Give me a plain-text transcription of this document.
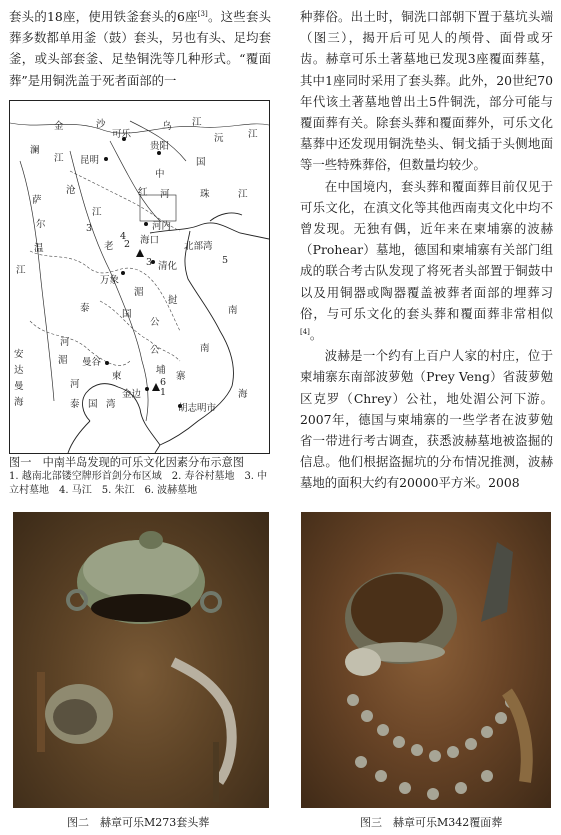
套头的18座，使用铁釜套头的6座[3]。这些套头葬多数都单用釜（鼓）套头，另也有头、足均套釜，或头部套釜、足垫铜洗等几种形式。“覆面葬”是用铜洗盖于死者面部的一

金
江
沙
可乐
乌 江
沅	江
澜	贵阳
昆明
中
国
珠
沧	江
萨
红 河
尔
江
河内
北部湾
温	老 2
4
5
海口
3
江
3 清化
万象
挝
南
湄
泰
国
公
公
河
湄
南
柬
河
曼谷
埔
寨
安
达
曼
海	泰 国 湾
金边
胡志明市
海
1
6
图一　中南半岛发现的可乐文化因素分布示意图
1. 越南北部镂空牌形首剑分布区域　2. 寿谷村墓地　3. 中立村墓地　4. 马江　5. 朱江　6. 波赫墓地

种葬俗。出土时，铜洗口部朝下置于墓坑头端（图三），揭开后可见人的颅骨、面骨或牙齿。赫章可乐土著墓地已发现3座覆面葬墓，其中1座同时采用了套头葬。此外，20世纪70年代该土著墓地曾出土5件铜洗，部分可能与覆面葬有关。除套头葬和覆面葬外，可乐文化墓葬中还发现用铜洗垫头、铜戈插于头侧地面等一些特殊葬俗，但数量均较少。

在中国境内，套头葬和覆面葬目前仅见于可乐文化，在滇文化等其他西南夷文化中均不曾发现。无独有偶，近年来在柬埔寨的波赫（Prohear）墓地，德国和柬埔寨有关部门组成的联合考古队发现了将死者头部置于铜鼓中以及用铜器或陶器覆盖被葬者面部的埋葬习俗，与可乐文化的套头葬和覆面葬非常相似[4]。

波赫是一个约有上百户人家的村庄，位于柬埔寨东南部波萝勉（Prey Veng）省菠萝勉区克罗（Chrey）公社，地处湄公河下游。2007年，德国与柬埔寨的一些学者在波萝勉省一带进行考古调查，获悉波赫墓地被盗掘的信息。他们根据盗掘坑的分布情况推测，波赫墓地的面积大约有20000平方米。2008

图二　赫章可乐M273套头葬	图三　赫章可乐M342覆面葬
